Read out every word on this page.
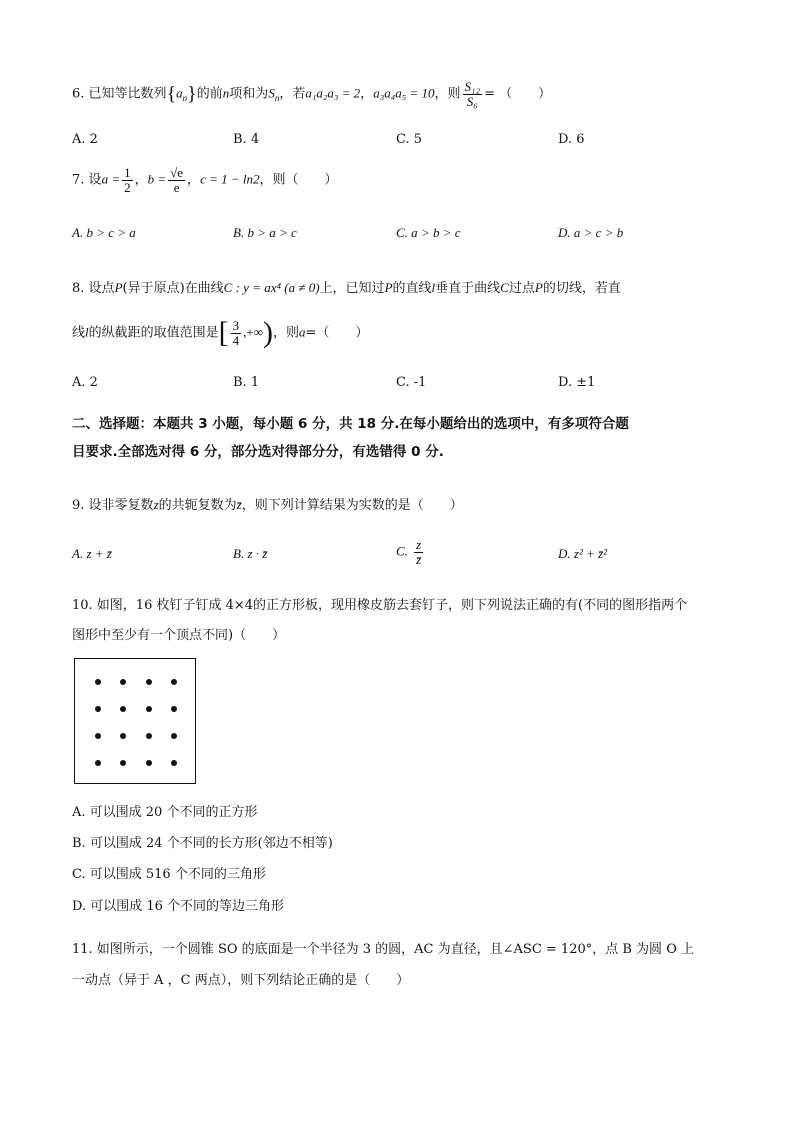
6. 已知等比数列$\{a_n\}$的前n项和为$S_n$，若a₁a₂a₃ = 2，a₃a₄a₅ = 10，则 $\frac{\text{S₁₂}}{\text{S₆}}$ = （　　）
A. 2	B. 4	C. 5	D. 6
7. 设$a = \frac{1}{2}$ ，$b = \frac{√e}{e}$ ，c = 1 − ln2，则（　　）
A. b > c > a	B. b > a > c	C. a > b > c	D. a > c > b
8. 设点P(异于原点)在曲线C : y = ax⁴ (a ≠ 0)上，已知过P的直线l垂直于曲线C过点P的切线，若直
线l的纵截距的取值范围是[ $\frac{3}{4}$ ,+∞)，则a=（　　）
A. 2	B. 1	C. -1	D. ±1
二、选择题：本题共 3 小题，每小题 6 分，共 18 分.在每小题给出的选项中，有多项符合题
目要求.全部选对得 6 分，部分选对得部分分，有选错得 0 分.
9. 设非零复数z的共轭复数为z̄，则下列计算结果为实数的是（　　）
A. z + z̄	B. z · z̄	C. $\frac{z}{z̄}$	D. z² + z̄²
10. 如图，16 枚钉子钉成 4×4的正方形板，现用橡皮筋去套钉子，则下列说法正确的有(不同的图形指两个
图形中至少有一个顶点不同)（　　）
A. 可以围成 20 个不同的正方形
B. 可以围成 24 个不同的长方形(邻边不相等)
C. 可以围成 516 个不同的三角形
D. 可以围成 16 个不同的等边三角形
11. 如图所示，一个圆锥 SO 的底面是一个半径为 3 的圆，AC 为直径，且∠ASC = 120°，点 B 为圆 O 上
一动点（异于 A ，C 两点），则下列结论正确的是（　　）
